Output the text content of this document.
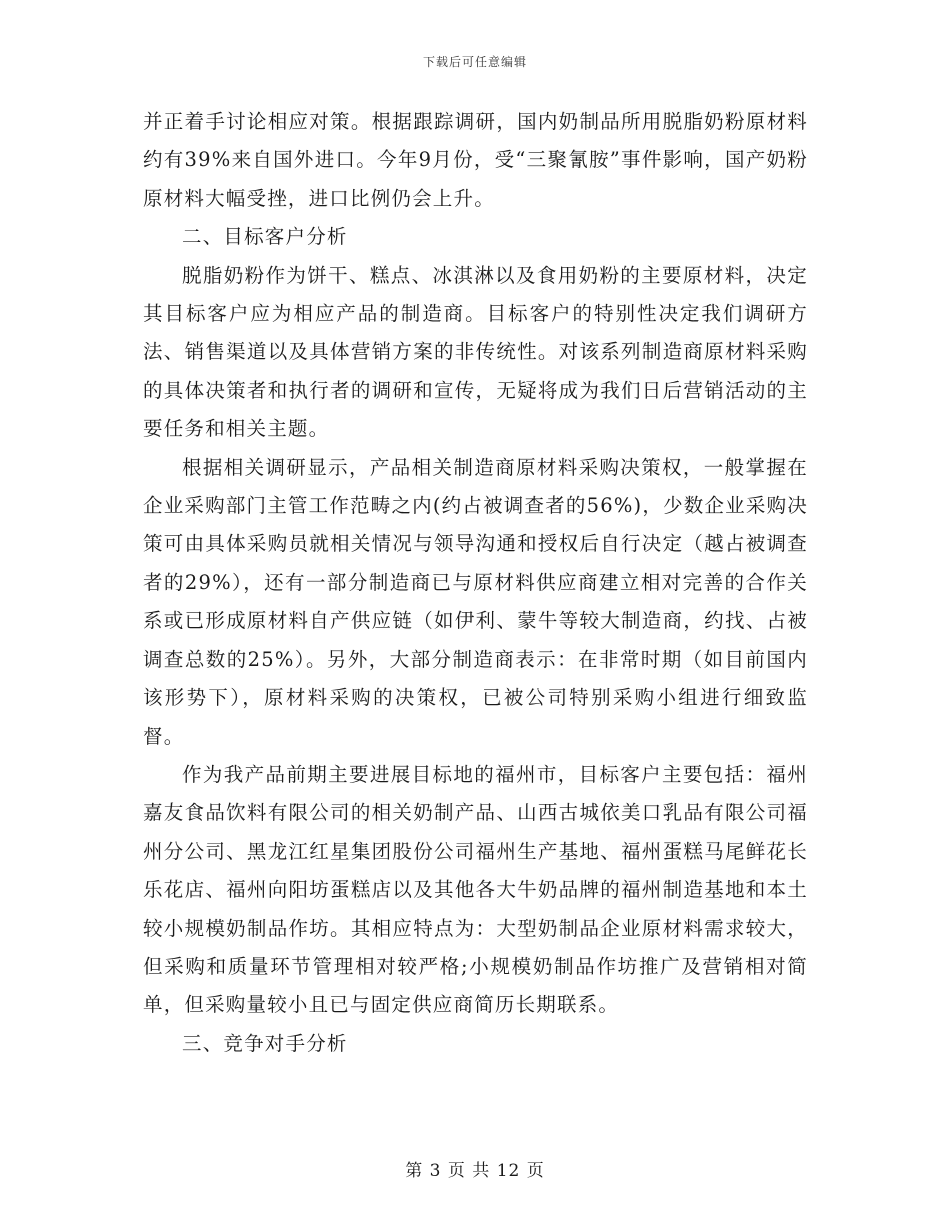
下载后可任意编辑

并正着手讨论相应对策。根据跟踪调研，国内奶制品所用脱脂奶粉原材料约有39%来自国外进口。今年9月份，受“三聚氰胺”事件影响，国产奶粉原材料大幅受挫，进口比例仍会上升。

二、目标客户分析

脱脂奶粉作为饼干、糕点、冰淇淋以及食用奶粉的主要原材料，决定其目标客户应为相应产品的制造商。目标客户的特别性决定我们调研方法、销售渠道以及具体营销方案的非传统性。对该系列制造商原材料采购的具体决策者和执行者的调研和宣传，无疑将成为我们日后营销活动的主要任务和相关主题。

根据相关调研显示，产品相关制造商原材料采购决策权，一般掌握在企业采购部门主管工作范畴之内(约占被调查者的56%)，少数企业采购决策可由具体采购员就相关情况与领导沟通和授权后自行决定（越占被调查者的29%），还有一部分制造商已与原材料供应商建立相对完善的合作关系或已形成原材料自产供应链（如伊利、蒙牛等较大制造商，约找、占被调查总数的25%）。另外，大部分制造商表示：在非常时期（如目前国内该形势下），原材料采购的决策权，已被公司特别采购小组进行细致监督。

作为我产品前期主要进展目标地的福州市，目标客户主要包括：福州嘉友食品饮料有限公司的相关奶制产品、山西古城依美口乳品有限公司福州分公司、黑龙江红星集团股份公司福州生产基地、福州蛋糕马尾鲜花长乐花店、福州向阳坊蛋糕店以及其他各大牛奶品牌的福州制造基地和本土较小规模奶制品作坊。其相应特点为：大型奶制品企业原材料需求较大，但采购和质量环节管理相对较严格;小规模奶制品作坊推广及营销相对简单，但采购量较小且已与固定供应商简历长期联系。

三、竞争对手分析

第 3 页 共 12 页
